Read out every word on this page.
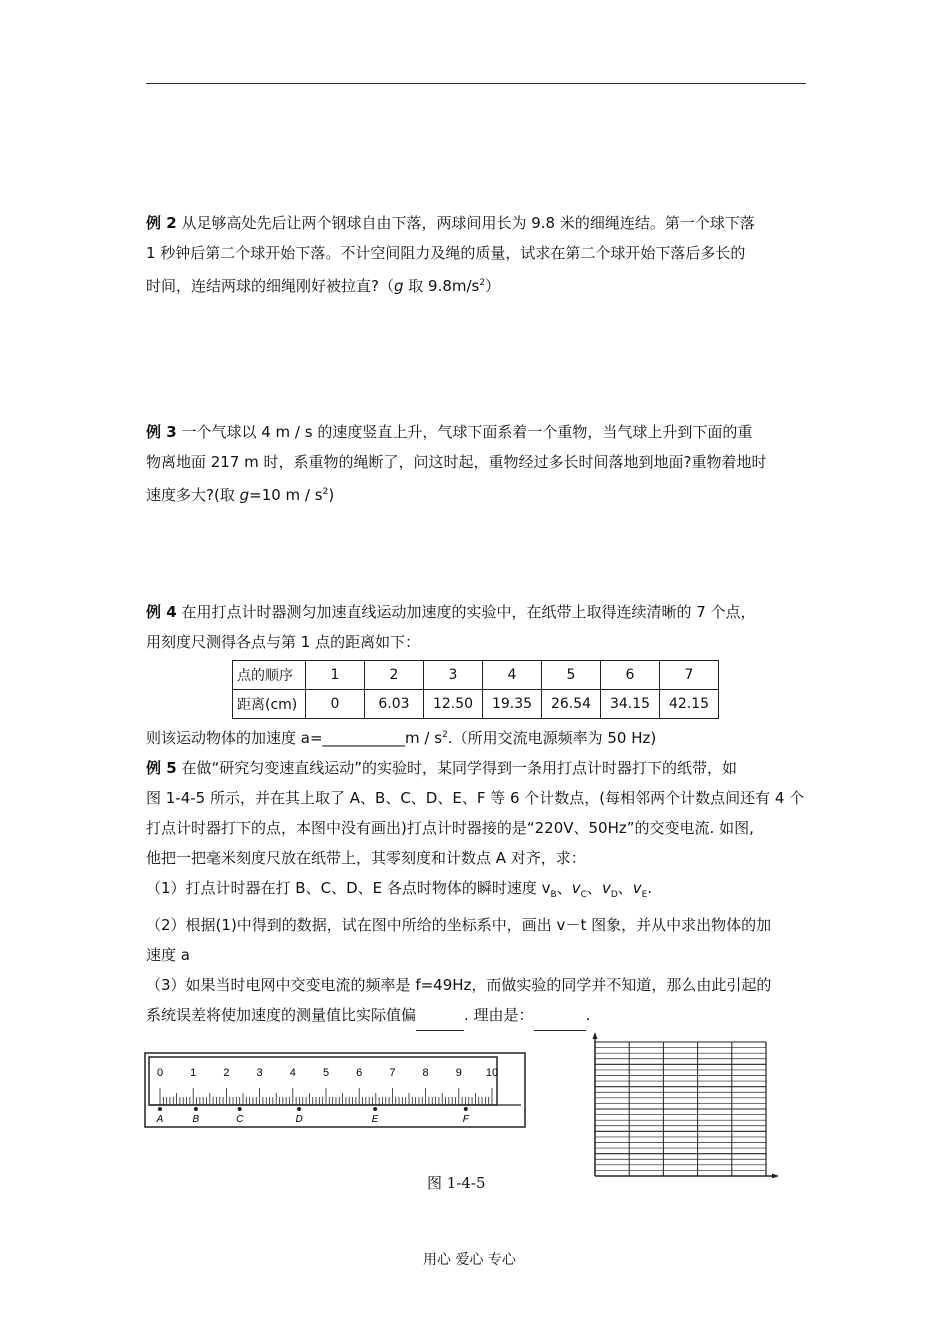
例 2 从足够高处先后让两个钢球自由下落，两球间用长为 9.8 米的细绳连结。第一个球下落
1 秒钟后第二个球开始下落。不计空间阻力及绳的质量，试求在第二个球开始下落后多长的
时间，连结两球的细绳刚好被拉直?（g 取 $9.8m/s^2$）
例 3 一个气球以 4 m / s 的速度竖直上升，气球下面系着一个重物，当气球上升到下面的重
物离地面 217 m 时，系重物的绳断了，问这时起，重物经过多长时间落地到地面?重物着地时
速度多大?(取 g=10 m / $s^2$)
例 4 在用打点计时器测匀加速直线运动加速度的实验中，在纸带上取得连续清晰的 7 个点，
用刻度尺测得各点与第 1 点的距离如下：
点的顺序	1	2	3	4	5	6	7
距离(cm)	0	6.03	12.50	19.35	26.54	34.15	42.15
则该运动物体的加速度 a=___________m / $s^2$.（所用交流电源频率为 50 Hz)
例 5 在做“研究匀变速直线运动”的实验时，某同学得到一条用打点计时器打下的纸带，如
图 1-4-5 所示，并在其上取了 A、B、C、D、E、F 等 6 个计数点，(每相邻两个计数点间还有 4 个
打点计时器打下的点，本图中没有画出)打点计时器接的是“220V、50Hz”的交变电流. 如图,
他把一把毫米刻度尺放在纸带上，其零刻度和计数点 A 对齐，求：
（1）打点计时器在打 B、C、D、E 各点时物体的瞬时速度 $v_B$、$v_C$、$v_D$、$v_E$.
（2）根据(1)中得到的数据，试在图中所给的坐标系中，画出 v－t 图象，并从中求出物体的加
速度 a
（3）如果当时电网中交变电流的频率是 f=49Hz，而做实验的同学并不知道，那么由此引起的
系统误差将使加速度的测量值比实际值偏	. 理由是：	.
0 1 2 3 4 5 6 7 8 9 10
A	B	C	D	E	F
图 1-4-5
用心 爱心 专心
